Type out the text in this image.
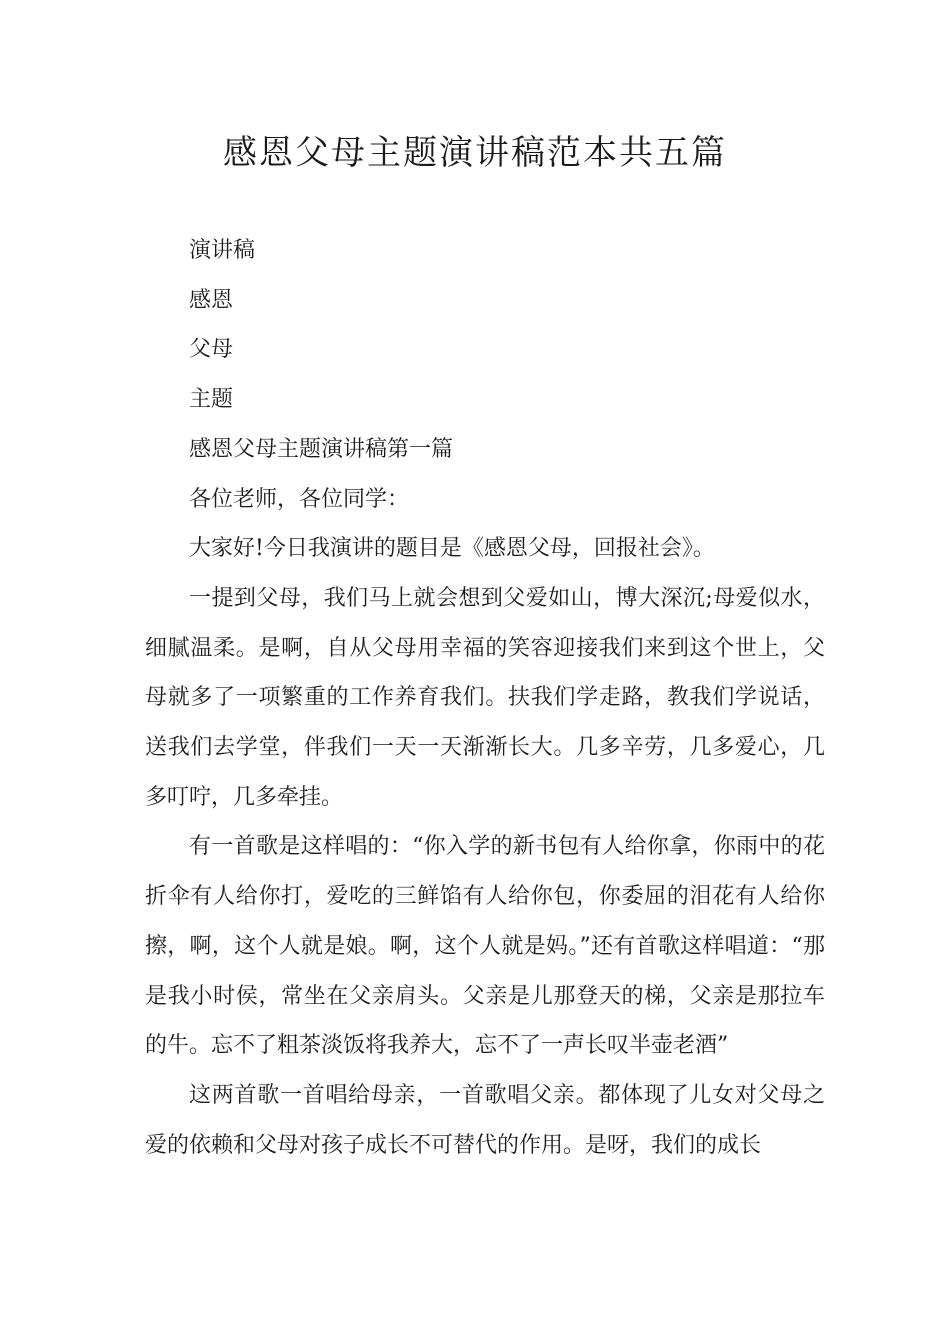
感恩父母主题演讲稿范本共五篇

演讲稿

感恩

父母

主题

感恩父母主题演讲稿第一篇

各位老师，各位同学：

大家好!今日我演讲的题目是《感恩父母，回报社会》。

一提到父母，我们马上就会想到父爱如山，博大深沉;母爱似水，细腻温柔。是啊，自从父母用幸福的笑容迎接我们来到这个世上，父母就多了一项繁重的工作养育我们。扶我们学走路，教我们学说话，送我们去学堂，伴我们一天一天渐渐长大。几多辛劳，几多爱心，几多叮咛，几多牵挂。

有一首歌是这样唱的：“你入学的新书包有人给你拿，你雨中的花折伞有人给你打，爱吃的三鲜馅有人给你包，你委屈的泪花有人给你擦，啊，这个人就是娘。啊，这个人就是妈。”还有首歌这样唱道：“那是我小时侯，常坐在父亲肩头。父亲是儿那登天的梯，父亲是那拉车的牛。忘不了粗茶淡饭将我养大，忘不了一声长叹半壶老酒”

这两首歌一首唱给母亲，一首歌唱父亲。都体现了儿女对父母之爱的依赖和父母对孩子成长不可替代的作用。是呀，我们的成长
